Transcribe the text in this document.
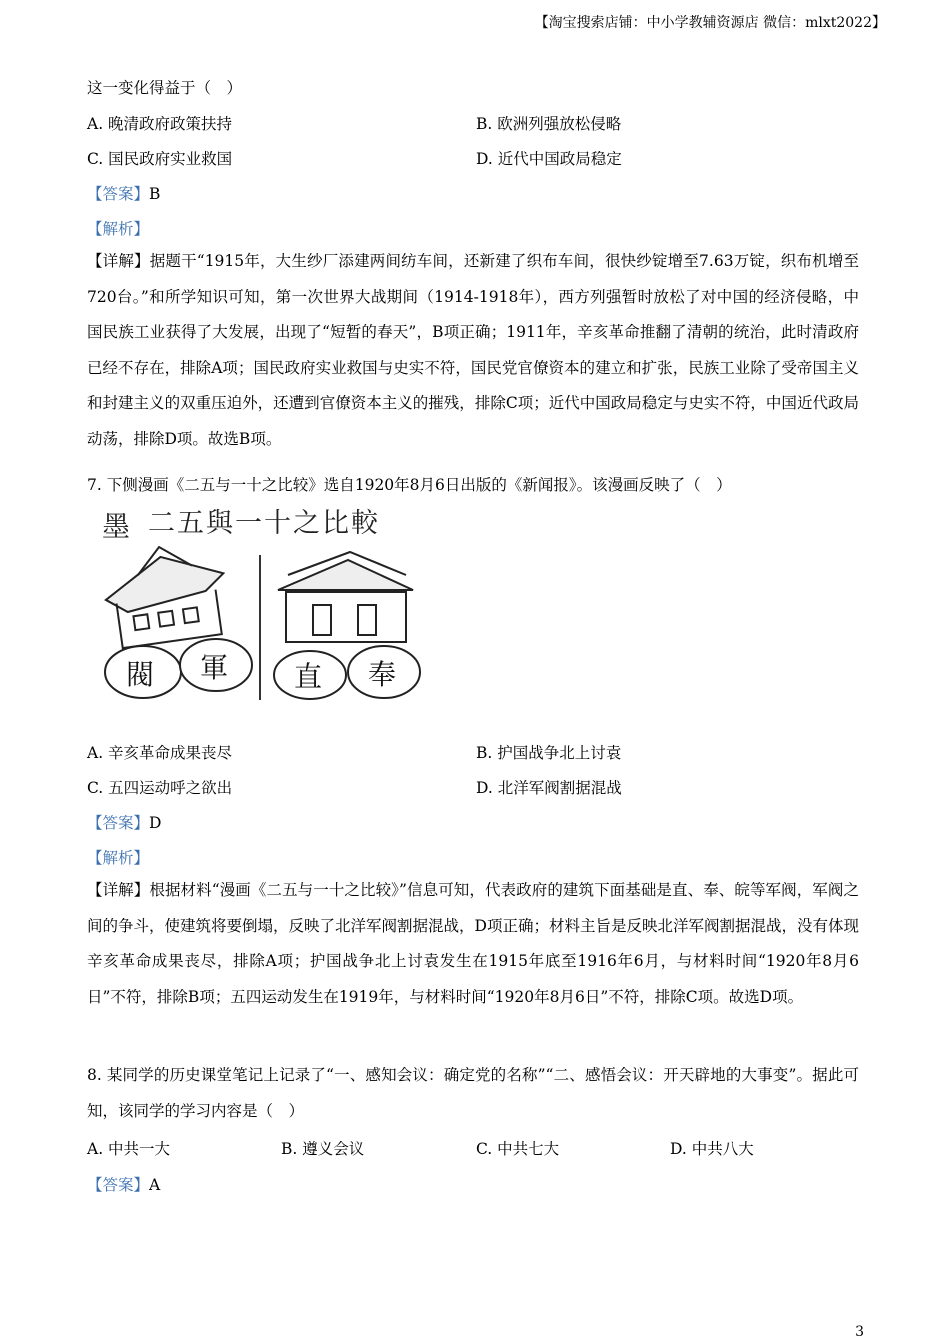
【淘宝搜索店铺：中小学教辅资源店 微信：mlxt2022】
这一变化得益于（　）
A. 晚清政府政策扶持	B. 欧洲列强放松侵略
C. 国民政府实业救国	D. 近代中国政局稳定
【答案】B
【解析】
【详解】据题干“1915年，大生纱厂添建两间纺车间，还新建了织布车间，很快纱锭增至7.63万锭，织布机增至720台。”和所学知识可知，第一次世界大战期间（1914-1918年），西方列强暂时放松了对中国的经济侵略，中国民族工业获得了大发展，出现了“短暂的春天”，B项正确；1911年，辛亥革命推翻了清朝的统治，此时清政府已经不存在，排除A项；国民政府实业救国与史实不符，国民党官僚资本的建立和扩张，民族工业除了受帝国主义和封建主义的双重压迫外，还遭到官僚资本主义的摧残，排除C项；近代中国政局稳定与史实不符，中国近代政局动荡，排除D项。故选B项。
7. 下侧漫画《二五与一十之比较》选自1920年8月6日出版的《新闻报》。该漫画反映了（　）
墨 二五與一十之比較
閥 軍 直 奉
A. 辛亥革命成果丧尽	B. 护国战争北上讨袁
C. 五四运动呼之欲出	D. 北洋军阀割据混战
【答案】D
【解析】
【详解】根据材料“漫画《二五与一十之比较》”信息可知，代表政府的建筑下面基础是直、奉、皖等军阀，军阀之间的争斗，使建筑将要倒塌，反映了北洋军阀割据混战，D项正确；材料主旨是反映北洋军阀割据混战，没有体现辛亥革命成果丧尽，排除A项；护国战争北上讨袁发生在1915年底至1916年6月，与材料时间“1920年8月6日”不符，排除B项；五四运动发生在1919年，与材料时间“1920年8月6日”不符，排除C项。故选D项。
8. 某同学的历史课堂笔记上记录了“一、感知会议：确定党的名称”“二、感悟会议：开天辟地的大事变”。据此可知，该同学的学习内容是（　）
A. 中共一大	B. 遵义会议	C. 中共七大	D. 中共八大
【答案】A
3
